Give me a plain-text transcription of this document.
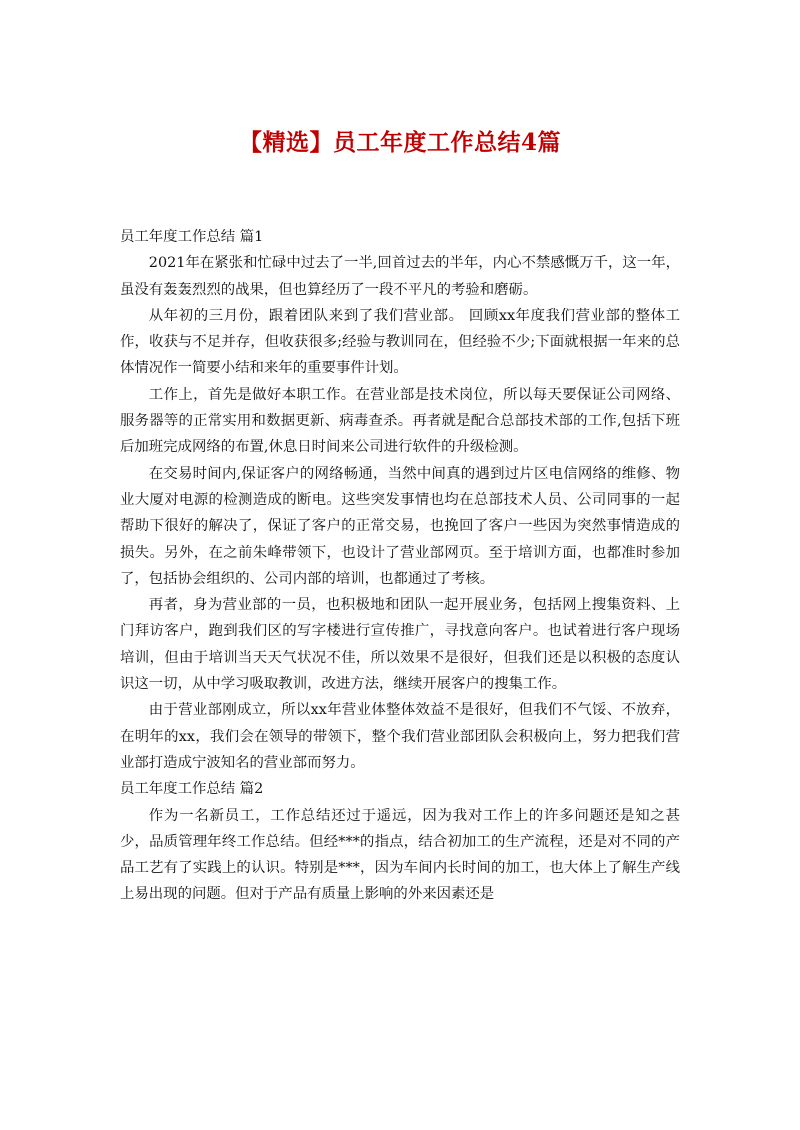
【精选】员工年度工作总结4篇

员工年度工作总结 篇1

2021年在紧张和忙碌中过去了一半,回首过去的半年，内心不禁感慨万千，这一年，虽没有轰轰烈烈的战果，但也算经历了一段不平凡的考验和磨砺。

从年初的三月份，跟着团队来到了我们营业部。 回顾xx年度我们营业部的整体工作，收获与不足并存，但收获很多;经验与教训同在，但经验不少;下面就根据一年来的总体情况作一简要小结和来年的重要事件计划。

工作上，首先是做好本职工作。在营业部是技术岗位，所以每天要保证公司网络、服务器等的正常实用和数据更新、病毒查杀。再者就是配合总部技术部的工作,包括下班后加班完成网络的布置,休息日时间来公司进行软件的升级检测。

在交易时间内,保证客户的网络畅通，当然中间真的遇到过片区电信网络的维修、物业大厦对电源的检测造成的断电。这些突发事情也均在总部技术人员、公司同事的一起帮助下很好的解决了，保证了客户的正常交易，也挽回了客户一些因为突然事情造成的损失。另外，在之前朱峰带领下，也设计了营业部网页。至于培训方面，也都准时参加了，包括协会组织的、公司内部的培训，也都通过了考核。

再者，身为营业部的一员，也积极地和团队一起开展业务，包括网上搜集资料、上门拜访客户，跑到我们区的写字楼进行宣传推广，寻找意向客户。也试着进行客户现场培训，但由于培训当天天气状况不佳，所以效果不是很好，但我们还是以积极的态度认识这一切，从中学习吸取教训，改进方法，继续开展客户的搜集工作。

由于营业部刚成立，所以xx年营业体整体效益不是很好，但我们不气馁、不放弃，在明年的xx，我们会在领导的带领下，整个我们营业部团队会积极向上，努力把我们营业部打造成宁波知名的营业部而努力。

员工年度工作总结 篇2

作为一名新员工，工作总结还过于遥远，因为我对工作上的许多问题还是知之甚少，品质管理年终工作总结。但经***的指点，结合初加工的生产流程，还是对不同的产品工艺有了实践上的认识。特别是***，因为车间内长时间的加工，也大体上了解生产线上易出现的问题。但对于产品有质量上影响的外来因素还是
